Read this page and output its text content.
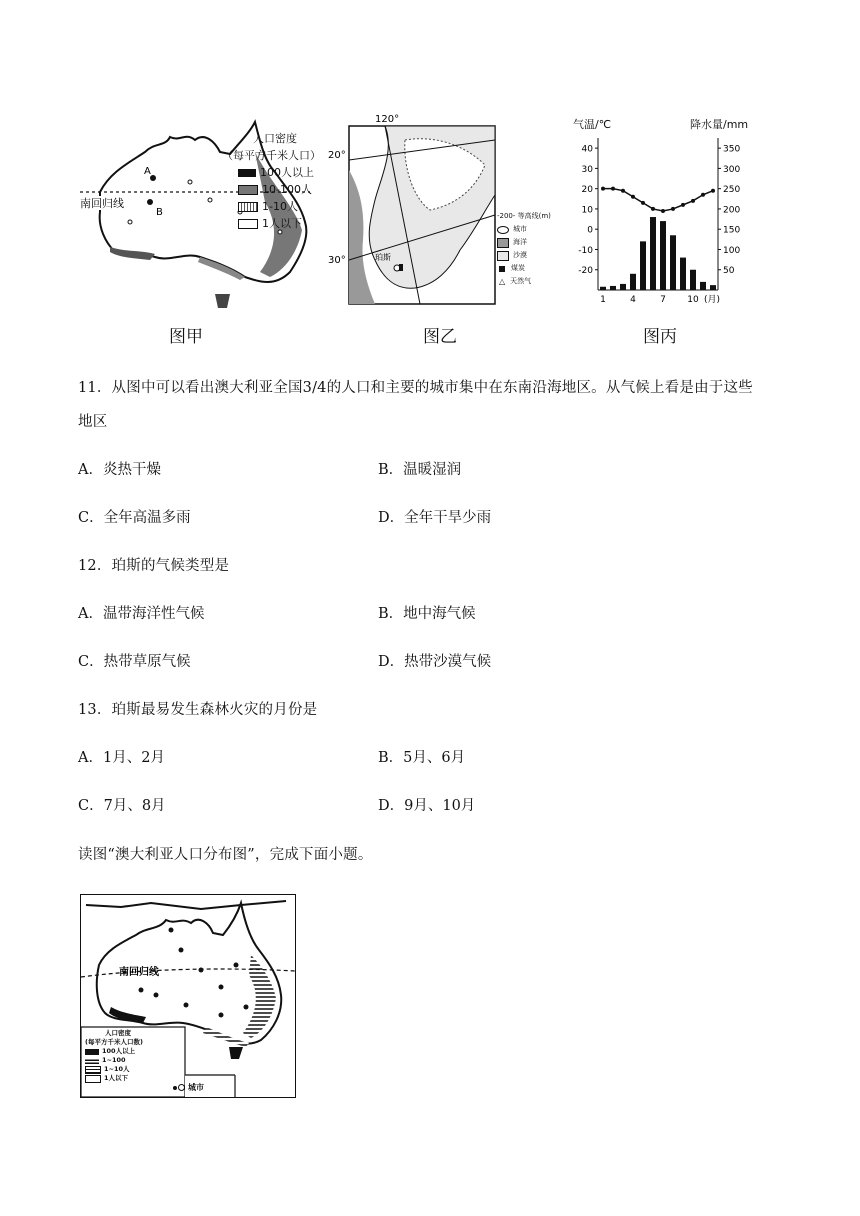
A
B
南回归线
人口密度
（每平方千米人口）
100人以上
10-100人
1-10人
1人以下
图甲
珀斯
120°
20°
30°
-200- 等高线(m)
城市
海洋
沙漠
煤炭
△ 天然气
图乙
气温/℃	降水量/mm
40
30
20
10
0
-10
-20
350
300
250
200
150
100
50
1	4	7 10 (月)
图丙
11．从图中可以看出澳大利亚全国3/4的人口和主要的城市集中在东南沿海地区。从气候上看是由于这些
地区
A．炎热干燥	B．温暖湿润
C．全年高温多雨	D．全年干旱少雨
12．珀斯的气候类型是
A．温带海洋性气候	B．地中海气候
C．热带草原气候	D．热带沙漠气候
13．珀斯最易发生森林火灾的月份是
A．1月、2月	B．5月、6月
C．7月、8月	D．9月、10月
读图“澳大利亚人口分布图”，完成下面小题。
南回归线
人口密度
(每平方千米人口数)
100人以上
1~100
1~10人
1人以下
城市
